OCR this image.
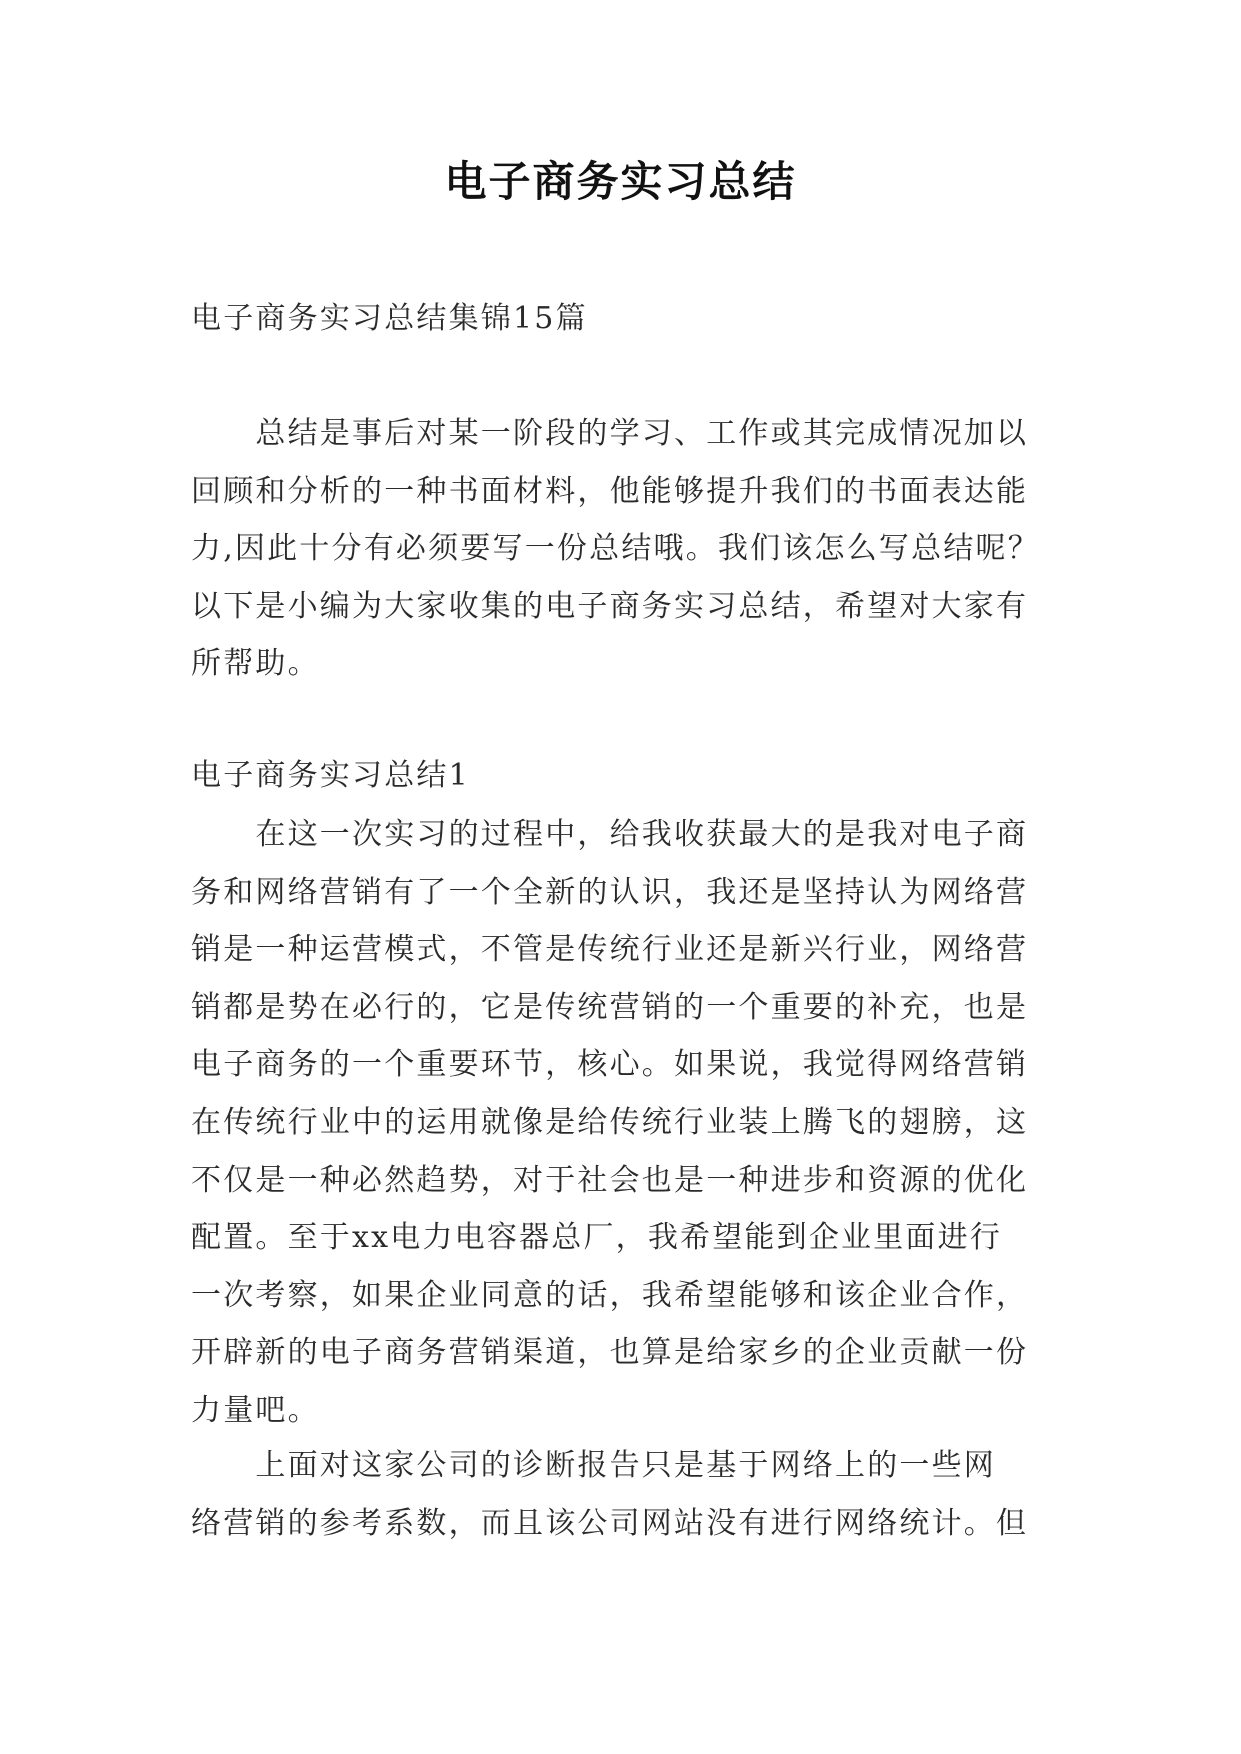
电子商务实习总结
电子商务实习总结集锦15篇
　　总结是事后对某一阶段的学习、工作或其完成情况加以
回顾和分析的一种书面材料，他能够提升我们的书面表达能
力,因此十分有必须要写一份总结哦。我们该怎么写总结呢？
以下是小编为大家收集的电子商务实习总结，希望对大家有
所帮助。
电子商务实习总结1
　　在这一次实习的过程中，给我收获最大的是我对电子商
务和网络营销有了一个全新的认识，我还是坚持认为网络营
销是一种运营模式，不管是传统行业还是新兴行业，网络营
销都是势在必行的，它是传统营销的一个重要的补充，也是
电子商务的一个重要环节，核心。如果说，我觉得网络营销
在传统行业中的运用就像是给传统行业装上腾飞的翅膀，这
不仅是一种必然趋势，对于社会也是一种进步和资源的优化
配置。至于xx电力电容器总厂，我希望能到企业里面进行
一次考察，如果企业同意的话，我希望能够和该企业合作，
开辟新的电子商务营销渠道，也算是给家乡的企业贡献一份
力量吧。
　　上面对这家公司的诊断报告只是基于网络上的一些网
络营销的参考系数，而且该公司网站没有进行网络统计。但
